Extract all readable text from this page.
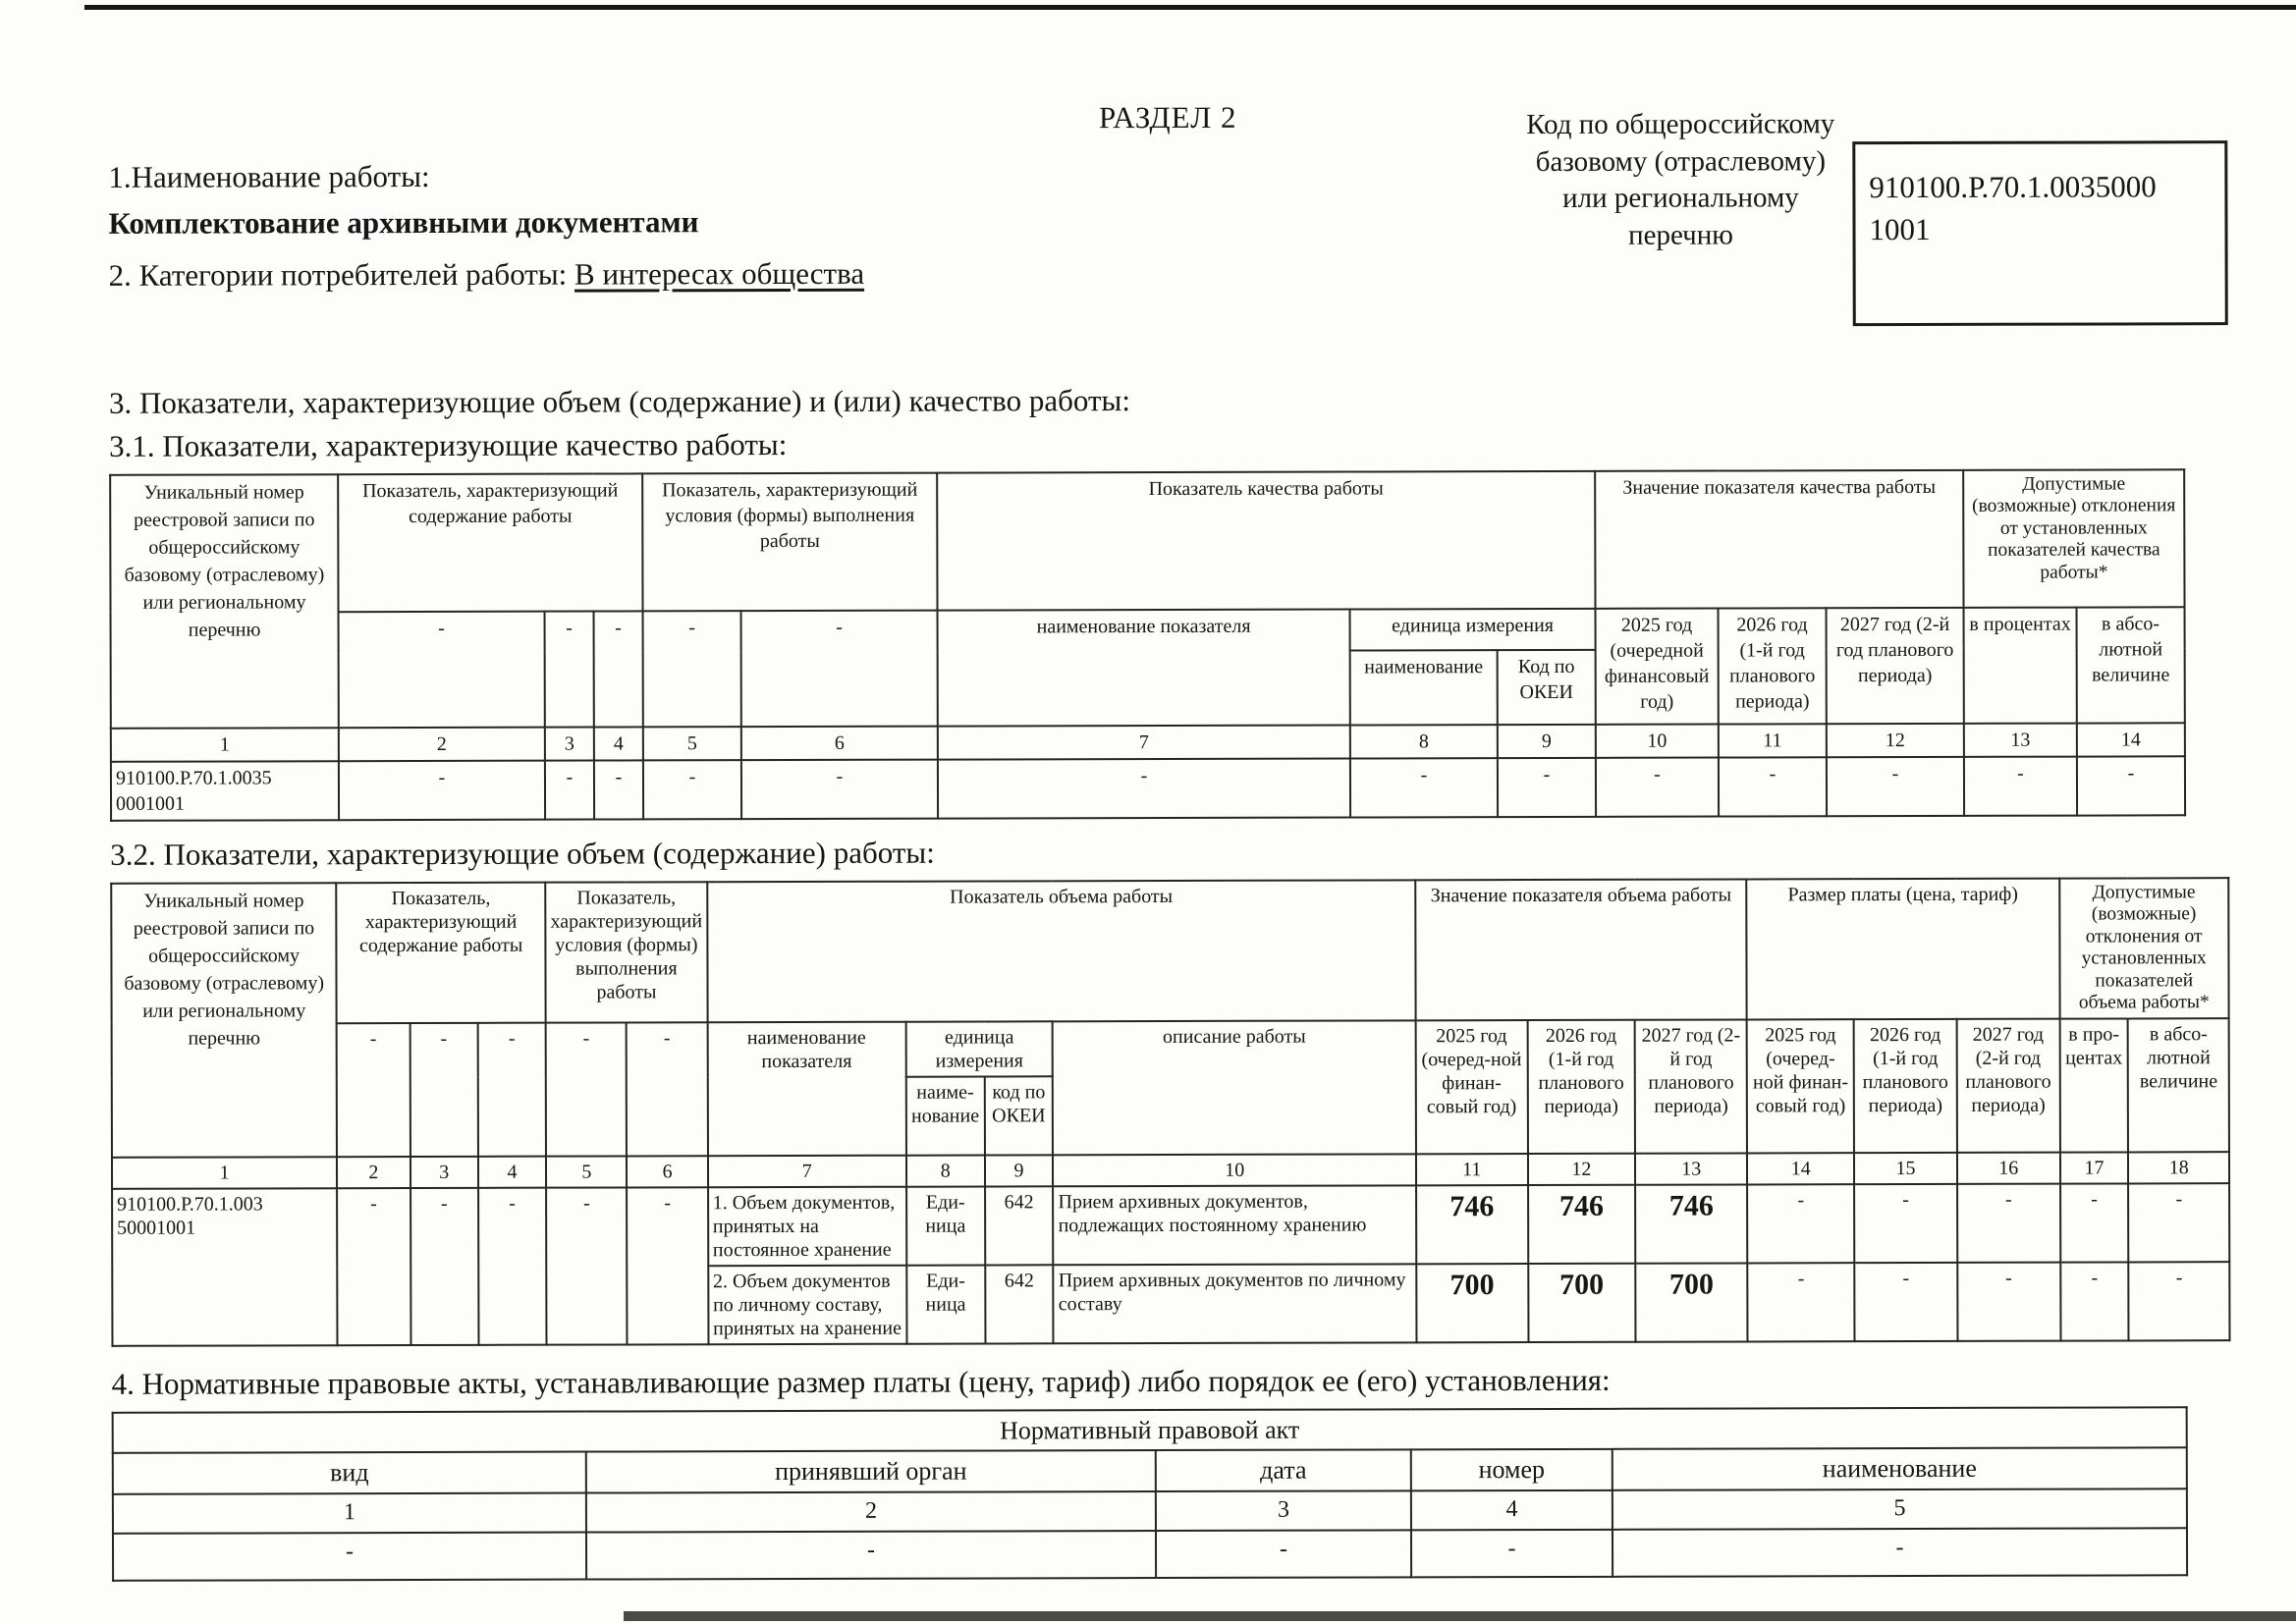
РАЗДЕЛ 2
1.Наименование работы:
Комплектование архивными документами
2. Категории потребителей работы: В интересах общества
Код по общероссийскому базовому (отраслевому) или региональному перечню
910100.Р.70.1.0035000 1001
3. Показатели, характеризующие объем (содержание) и (или) качество работы:
3.1. Показатели, характеризующие качество работы:
Уникальный номер реестровой записи по общероссийскому базовому (отраслевому) или региональному перечню	Показатель, характеризующий содержание работы			Показатель, характеризующий условия (формы) выполнения работы		Показатель качества работы			Значение показателя качества работы			Допустимые (возможные) отклонения от установленных показателей качества работы*	
	-	-	-	-	-	наименование показателя	единица измерения		2025 год (очередной финансовый год)	2026 год (1-й год планового периода)	2027 год (2-й год планового периода)	в процентах	в абсо-лютной величине
							наименование	Код по ОКЕИ					
1	2	3	4	5	6	7	8	9	10	11	12	13	14
910100.Р.70.1.0035 0001001	-	-	-	-	-	-	-	-	-	-	-	-	-
3.2. Показатели, характеризующие объем (содержание) работы:
Уникальный номер реестровой записи по общероссийскому базовому (отраслевому) или региональному перечню	Показатель, характеризующий содержание работы			Показатель, характеризующий условия (формы) выполнения работы		Показатель объема работы				Значение показателя объема работы			Размер платы (цена, тариф)			Допустимые (возможные) отклонения от установленных показателей объема работы*	
	-	-	-	-	-	наименование показателя	единица измерения		описание работы	2025 год (очеред-ной финан-совый год)	2026 год (1-й год планового периода)	2027 год (2-й год планового периода)	2025 год (очеред-ной финан-совый год)	2026 год (1-й год планового периода)	2027 год (2-й год планового периода)	в про-центах	в абсо-лютной величине
							наиме-нование	код по ОКЕИ									
1	2	3	4	5	6	7	8	9	10	11	12	13	14	15	16	17	18
910100.Р.70.1.003 50001001	-	-	-	-	-	1. Объем документов, принятых на постоянное хранение	Еди-ница	642	Прием архивных документов, подлежащих постоянному хранению	746	746	746	-	-	-	-	-
						2. Объем документов по личному составу, принятых на хранение	Еди-ница	642	Прием архивных документов по личному составу	700	700	700	-	-	-	-	-
4. Нормативные правовые акты, устанавливающие размер платы (цену, тариф) либо порядок ее (его) установления:
Нормативный правовой акт				
вид	принявший орган	дата	номер	наименование
1	2	3	4	5
-	-	-	-	-
